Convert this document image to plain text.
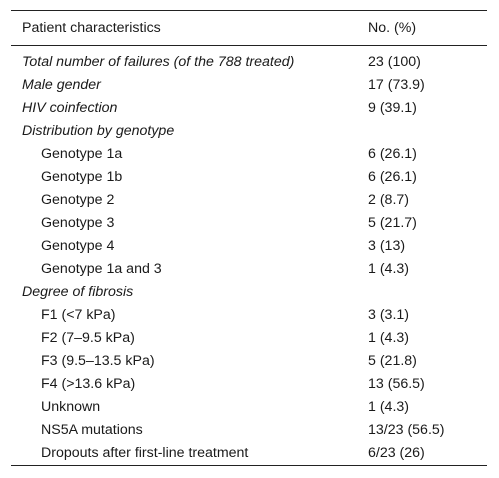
Patient characteristics	No. (%)
Total number of failures (of the 788 treated)	23 (100)
Male gender	17 (73.9)
HIV coinfection	9 (39.1)
Distribution by genotype	
Genotype 1a	6 (26.1)
Genotype 1b	6 (26.1)
Genotype 2	2 (8.7)
Genotype 3	5 (21.7)
Genotype 4	3 (13)
Genotype 1a and 3	1 (4.3)
Degree of fibrosis	
F1 (<7 kPa)	3 (3.1)
F2 (7–9.5 kPa)	1 (4.3)
F3 (9.5–13.5 kPa)	5 (21.8)
F4 (>13.6 kPa)	13 (56.5)
Unknown	1 (4.3)
NS5A mutations	13/23 (56.5)
Dropouts after first-line treatment	6/23 (26)
